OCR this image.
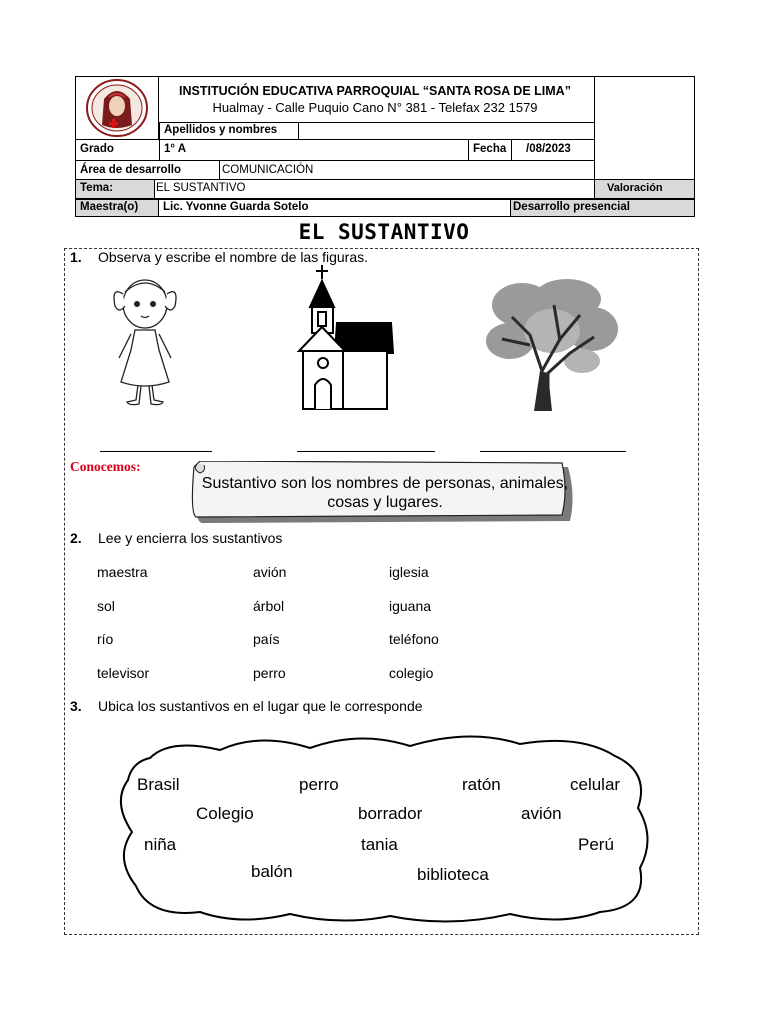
INSTITUCIÓN EDUCATIVA PARROQUIAL “SANTA ROSA DE LIMA”
Hualmay - Calle Puquio Cano N° 381 - Telefax 232 1579
Apellidos y nombres
Grado	1° A	Fecha	/08/2023
Área de desarrollo	COMUNICACIÓN
Tema:	EL SUSTANTIVO	Valoración
Maestra(o)	Lic. Yvonne Guarda Sotelo	Desarrollo presencial
EL SUSTANTIVO
1. Observa y escribe el nombre de las figuras.
Conocemos:
Sustantivo son los nombres de personas, animales, cosas y lugares.
2. Lee y encierra los sustantivos
maestra	avión	iglesia
sol	árbol	iguana
río	país	teléfono
televisor	perro	colegio
3. Ubica los sustantivos en el lugar que le corresponde
Brasil	perro	ratón	celular
Colegio	borrador	avión
niña	tania	Perú
balón	biblioteca
